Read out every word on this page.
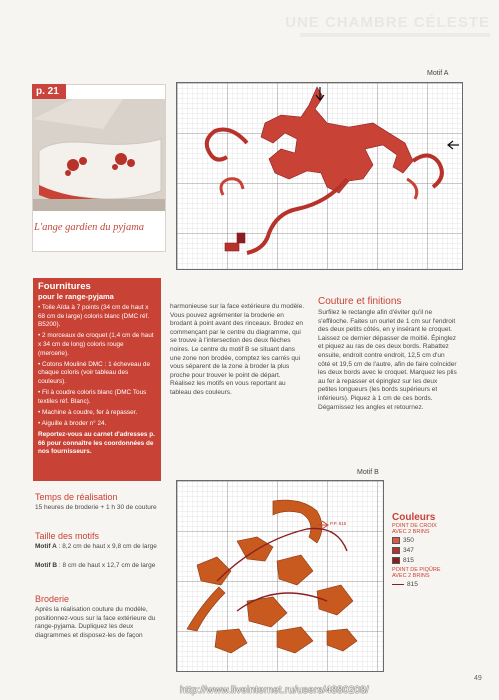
UNE CHAMBRE CÉLESTE
p. 21
L'ange gardien du pyjama
Motif A
Fournitures
pour le range-pyjama
• Toile Aïda à 7 points (34 cm de haut x 68 cm de large) coloris blanc (DMC réf. B5200).
• 2 morceaux de croquet (1,4 cm de haut x 34 cm de long) coloris rouge (mercerie).
• Cotons Mouliné DMC : 1 écheveau de chaque coloris (voir tableau des couleurs).
• Fil à coudre coloris blanc (DMC Tous textiles réf. Blanc).
• Machine à coudre, fer à repasser.
• Aiguille à broder n° 24.
Reportez-vous au carnet d'adresses p. 66 pour connaître les coordonnées de nos fournisseurs.
Temps de réalisation
15 heures de broderie + 1 h 30 de couture
Taille des motifs
Motif A : 8,2 cm de haut x 9,8 cm de large
Motif B : 8 cm de haut x 12,7 cm de large
Broderie
Après la réalisation couture du modèle, positionnez-vous sur la face extérieure du range-pyjama. Dupliquez les deux diagrammes et disposez-les de façon
harmonieuse sur la face extérieure du modèle. Vous pouvez agrémenter la broderie en brodant à point avant des rinceaux. Brodez en commençant par le centre du diagramme, qui se trouve à l'intersection des deux flèches noires. Le centre du motif B se situant dans une zone non brodée, comptez les carrés qui vous séparent de la zone à broder la plus proche pour trouver le point de départ. Réalisez les motifs en vous reportant au tableau des couleurs.
Couture et finitions
Surfilez le rectangle afin d'éviter qu'il ne s'effiloche. Faites un ourlet de 1 cm sur l'endroit des deux petits côtés, en y insérant le croquet. Laissez ce dernier dépasser de moitié. Épinglez et piquez au ras de ces deux bords. Rabattez ensuite, endroit contre endroit, 12,5 cm d'un côté et 19,5 cm de l'autre, afin de faire coïncider les deux bords avec le croquet. Marquez les plis au fer à repasser et épinglez sur les deux petites longueurs (les bords supérieurs et inférieurs). Piquez à 1 cm de ces bords. Dégarnissez les angles et retournez.
Motif B
P.P. 815
Couleurs
POINT DE CROIX
AVEC 2 BRINS
350
347
815
POINT DE PIQÛRE
AVEC 2 BRINS
815
49
http://www.liveinternet.ru/users/4880208/
